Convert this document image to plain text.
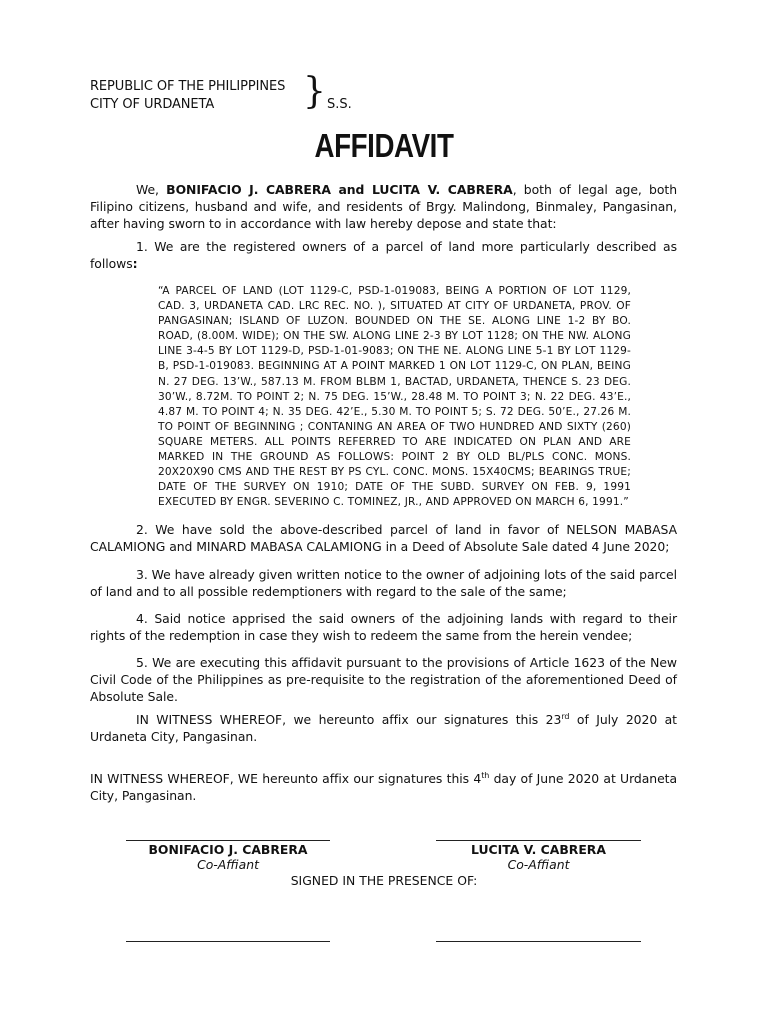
REPUBLIC OF THE PHILIPPINES
CITY OF URDANETA	} S.S.
AFFIDAVIT

We, BONIFACIO J. CABRERA and LUCITA V. CABRERA, both of legal age, both Filipino citizens, husband and wife, and residents of Brgy. Malindong, Binmaley, Pangasinan, after having sworn to in accordance with law hereby depose and state that:

1. We are the registered owners of a parcel of land more particularly described as follows:

“A PARCEL OF LAND (LOT 1129-C, PSD-1-019083, BEING A PORTION OF LOT 1129, CAD. 3, URDANETA CAD. LRC REC. NO. ), SITUATED AT CITY OF URDANETA, PROV. OF PANGASINAN; ISLAND OF LUZON. BOUNDED ON THE SE. ALONG LINE 1-2 BY BO. ROAD, (8.00M. WIDE); ON THE SW. ALONG LINE 2-3 BY LOT 1128; ON THE NW. ALONG LINE 3-4-5 BY LOT 1129-D, PSD-1-01-9083; ON THE NE. ALONG LINE 5-1 BY LOT 1129-B, PSD-1-019083. BEGINNING AT A POINT MARKED 1 ON LOT 1129-C, ON PLAN, BEING N. 27 DEG. 13’W., 587.13 M. FROM BLBM 1, BACTAD, URDANETA, THENCE S. 23 DEG. 30’W., 8.72M. TO POINT 2; N. 75 DEG. 15’W., 28.48 M. TO POINT 3; N. 22 DEG. 43’E., 4.87 M. TO POINT 4; N. 35 DEG. 42’E., 5.30 M. TO POINT 5; S. 72 DEG. 50’E., 27.26 M. TO POINT OF BEGINNING ; CONTANING AN AREA OF TWO HUNDRED AND SIXTY (260) SQUARE METERS. ALL POINTS REFERRED TO ARE INDICATED ON PLAN AND ARE MARKED IN THE GROUND AS FOLLOWS: POINT 2 BY OLD BL/PLS CONC. MONS. 20X20X90 CMS AND THE REST BY PS CYL. CONC. MONS. 15X40CMS; BEARINGS TRUE; DATE OF THE SURVEY ON 1910; DATE OF THE SUBD. SURVEY ON FEB. 9, 1991 EXECUTED BY ENGR. SEVERINO C. TOMINEZ, JR., AND APPROVED ON MARCH 6, 1991.”

2. We have sold the above-described parcel of land in favor of NELSON MABASA CALAMIONG and MINARD MABASA CALAMIONG in a Deed of Absolute Sale dated 4 June 2020;

3. We have already given written notice to the owner of adjoining lots of the said parcel of land and to all possible redemptioners with regard to the sale of the same;

4. Said notice apprised the said owners of the adjoining lands with regard to their rights of the redemption in case they wish to redeem the same from the herein vendee;

5. We are executing this affidavit pursuant to the provisions of Article 1623 of the New Civil Code of the Philippines as pre-requisite to the registration of the aforementioned Deed of Absolute Sale.

IN WITNESS WHEREOF, we hereunto affix our signatures this 23rd of July 2020 at Urdaneta City, Pangasinan.

IN WITNESS WHEREOF, WE hereunto affix our signatures this 4th day of June 2020 at Urdaneta City, Pangasinan.

BONIFACIO J. CABRERA
Co-Affiant
LUCITA V. CABRERA
Co-Affiant
SIGNED IN THE PRESENCE OF:
